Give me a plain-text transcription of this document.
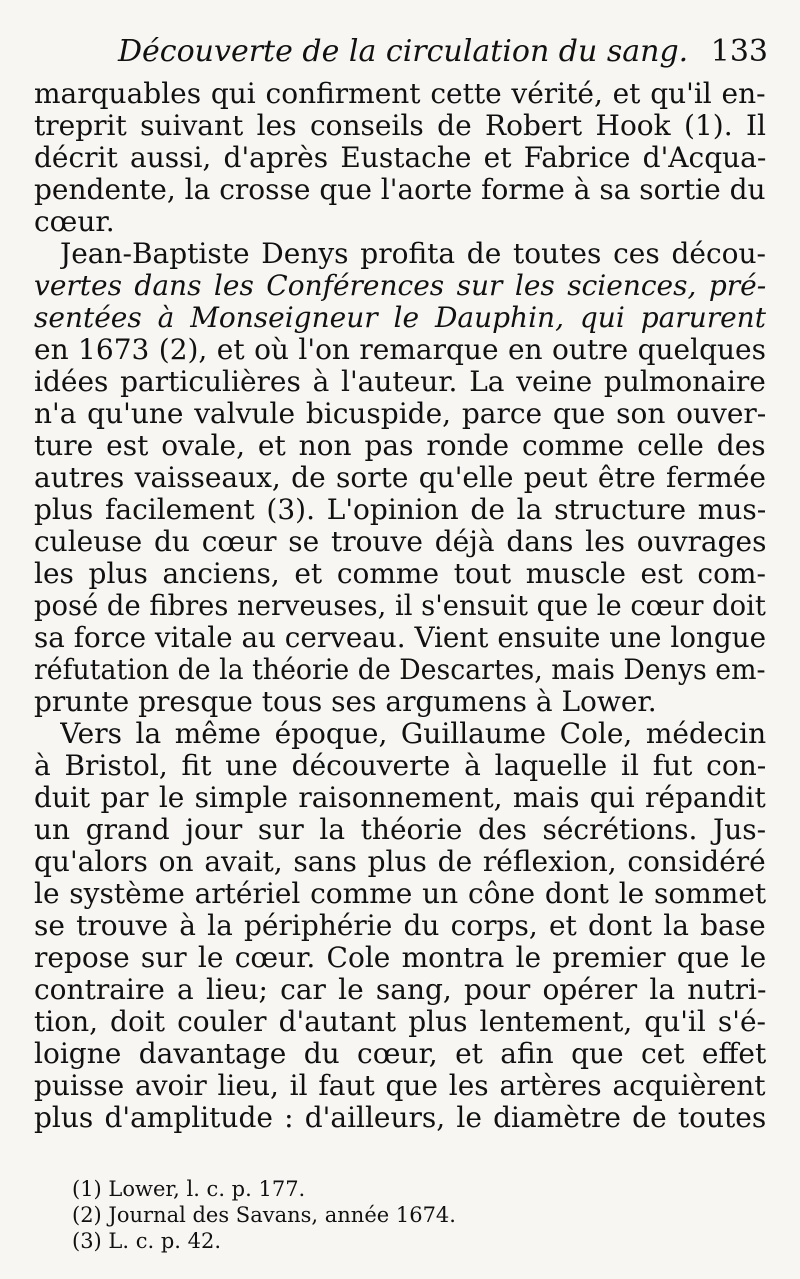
Découverte de la circulation du sang. 133
marquables qui confirment cette vérité, et qu'il en-
treprit suivant les conseils de Robert Hook (1). Il
décrit aussi, d'après Eustache et Fabrice d'Acqua-
pendente, la crosse que l'aorte forme à sa sortie du
cœur.
Jean-Baptiste Denys profita de toutes ces décou-
vertes dans les Conférences sur les sciences, pré-
sentées à Monseigneur le Dauphin, qui parurent
en 1673 (2), et où l'on remarque en outre quelques
idées particulières à l'auteur. La veine pulmonaire
n'a qu'une valvule bicuspide, parce que son ouver-
ture est ovale, et non pas ronde comme celle des
autres vaisseaux, de sorte qu'elle peut être fermée
plus facilement (3). L'opinion de la structure mus-
culeuse du cœur se trouve déjà dans les ouvrages
les plus anciens, et comme tout muscle est com-
posé de fibres nerveuses, il s'ensuit que le cœur doit
sa force vitale au cerveau. Vient ensuite une longue
réfutation de la théorie de Descartes, mais Denys em-
prunte presque tous ses argumens à Lower.
Vers la même époque, Guillaume Cole, médecin
à Bristol, fit une découverte à laquelle il fut con-
duit par le simple raisonnement, mais qui répandit
un grand jour sur la théorie des sécrétions. Jus-
qu'alors on avait, sans plus de réflexion, considéré
le système artériel comme un cône dont le sommet
se trouve à la périphérie du corps, et dont la base
repose sur le cœur. Cole montra le premier que le
contraire a lieu; car le sang, pour opérer la nutri-
tion, doit couler d'autant plus lentement, qu'il s'é-
loigne davantage du cœur, et afin que cet effet
puisse avoir lieu, il faut que les artères acquièrent
plus d'amplitude : d'ailleurs, le diamètre de toutes
(1) Lower, l. c. p. 177.
(2) Journal des Savans, année 1674.
(3) L. c. p. 42.
